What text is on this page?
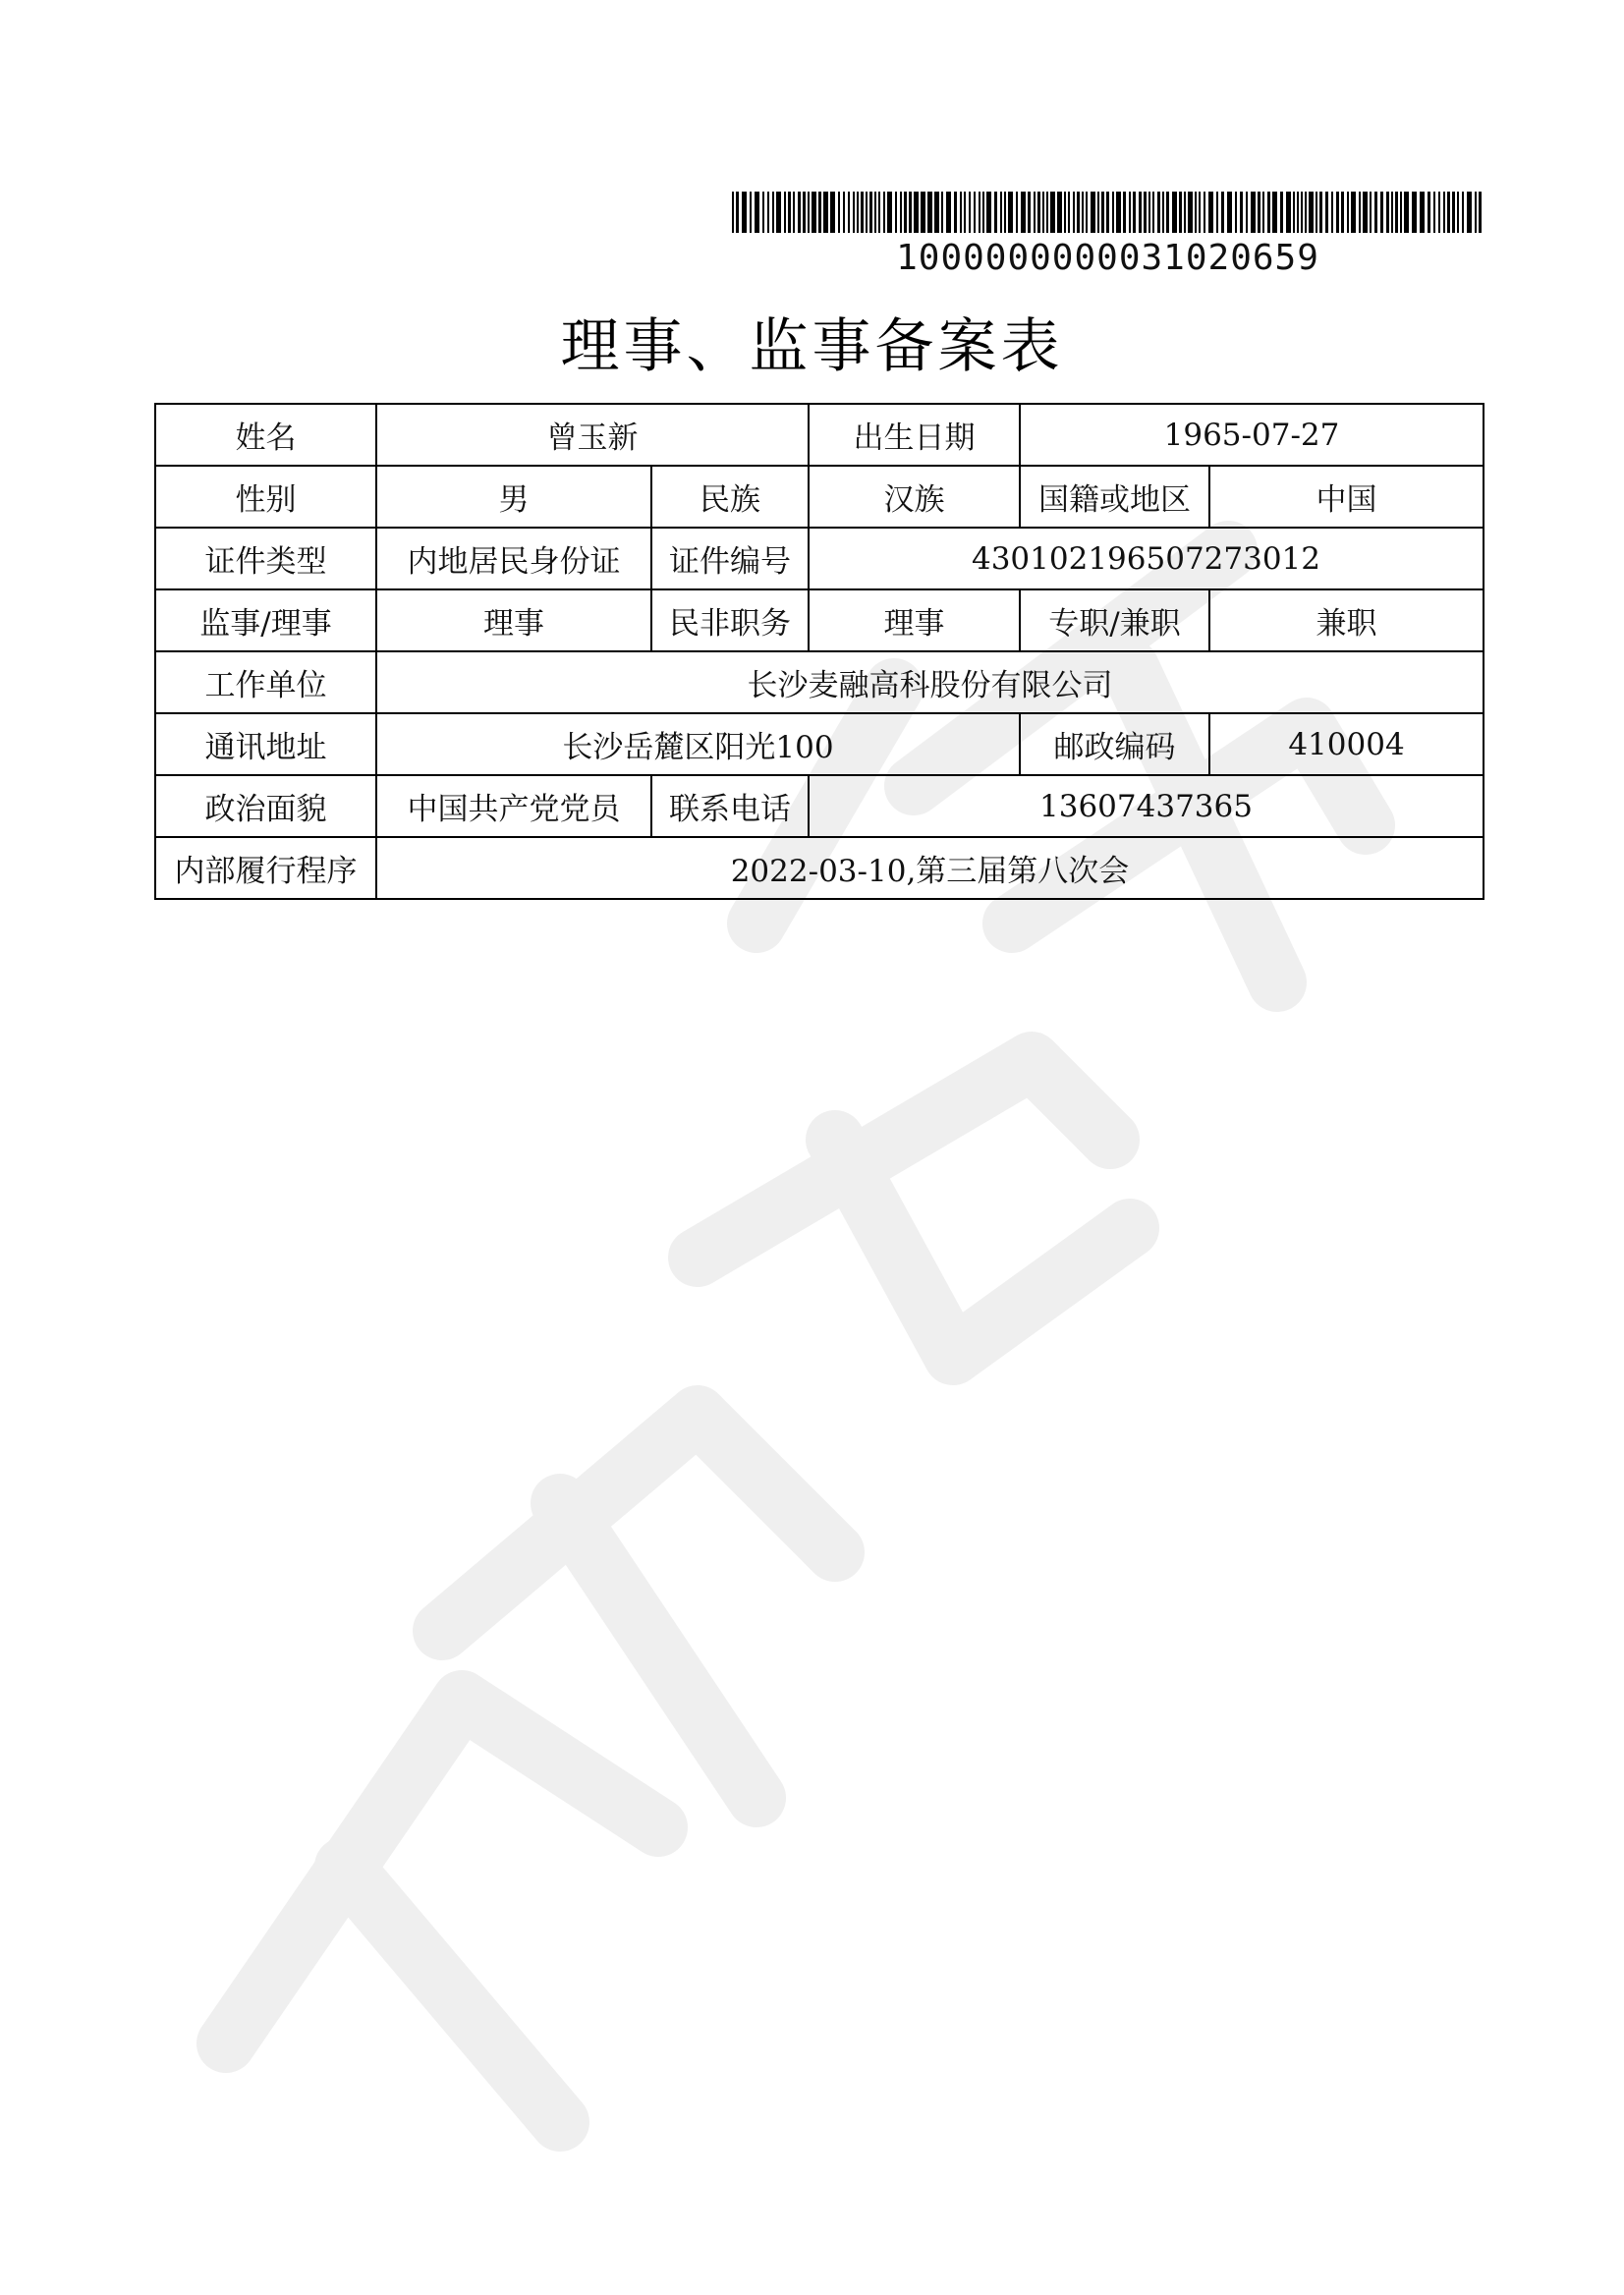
1000000000031020659
理事、监事备案表
姓名	曾玉新		出生日期	1965-07-27	
性别	男	民族	汉族	国籍或地区	中国
证件类型	内地居民身份证	证件编号	430102196507273012		
监事/理事	理事	民非职务	理事	专职/兼职	兼职
工作单位	长沙麦融高科股份有限公司				
通讯地址	长沙岳麓区阳光100			邮政编码	410004
政治面貌	中国共产党党员	联系电话	13607437365		
内部履行程序	2022-03-10,第三届第八次会				
